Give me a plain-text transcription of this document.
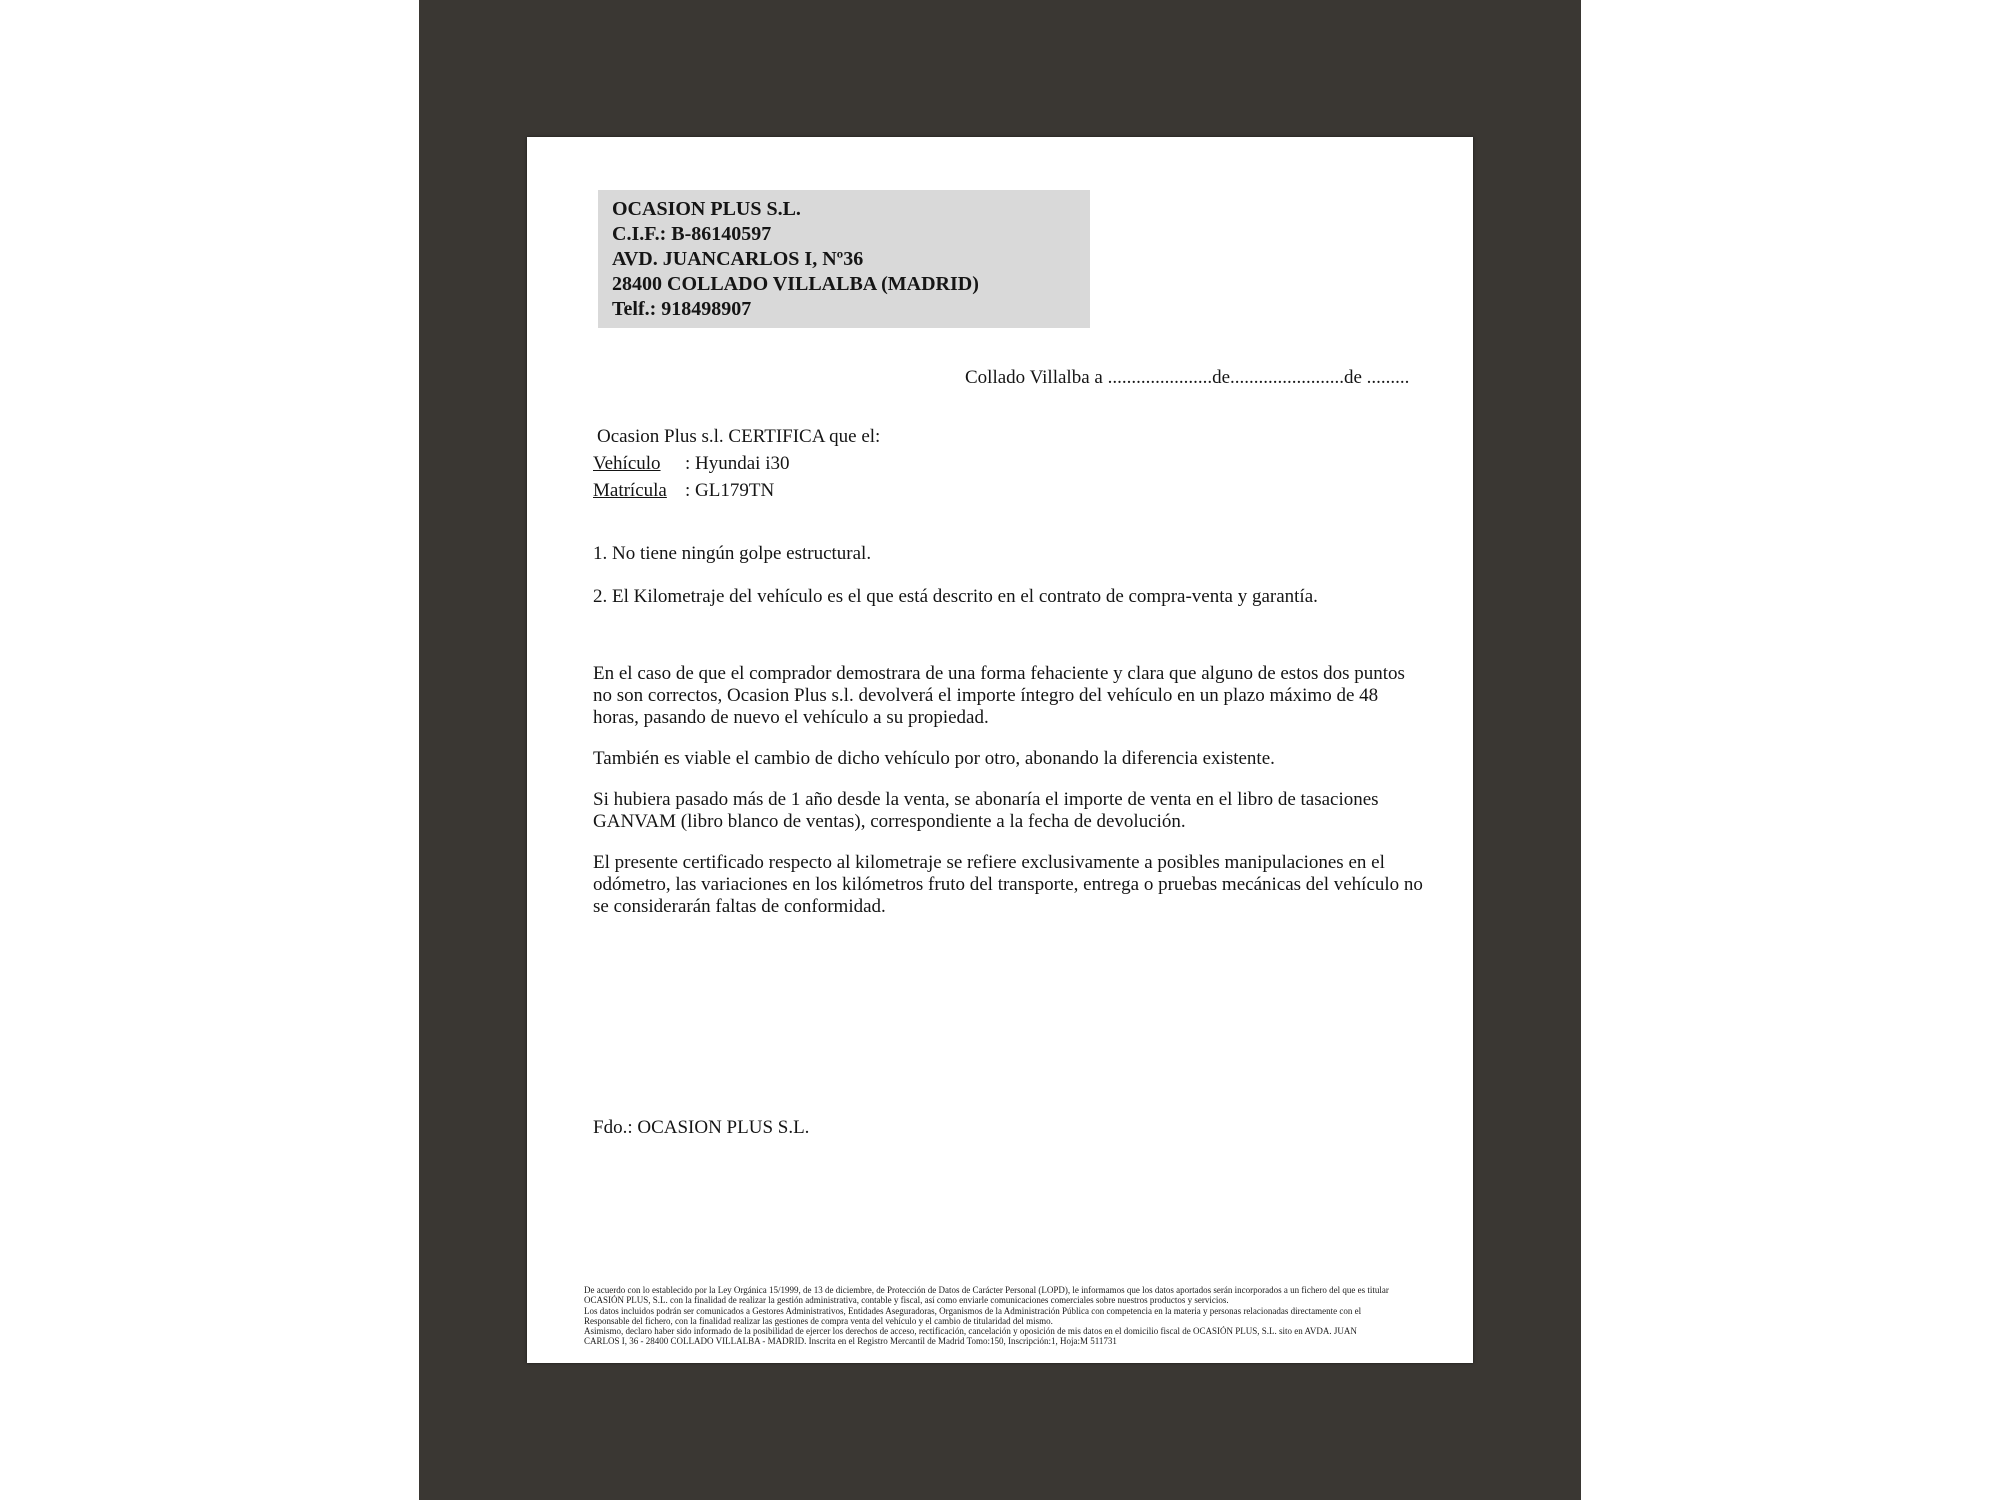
OCASION PLUS S.L.
C.I.F.: B-86140597
AVD. JUANCARLOS I, Nº36
28400 COLLADO VILLALBA (MADRID)
Telf.: 918498907
Collado Villalba a ......................de........................de .........
Ocasion Plus s.l. CERTIFICA que el:
Vehículo : Hyundai i30
Matrícula : GL179TN

1. No tiene ningún golpe estructural.

2. El Kilometraje del vehículo es el que está descrito en el contrato de compra-venta y garantía.

En el caso de que el comprador demostrara de una forma fehaciente y clara que alguno de estos dos puntos no son correctos, Ocasion Plus s.l. devolverá el importe íntegro del vehículo en un plazo máximo de 48 horas, pasando de nuevo el vehículo a su propiedad.

También es viable el cambio de dicho vehículo por otro, abonando la diferencia existente.

Si hubiera pasado más de 1 año desde la venta, se abonaría el importe de venta en el libro de tasaciones GANVAM (libro blanco de ventas), correspondiente a la fecha de devolución.

El presente certificado respecto al kilometraje se refiere exclusivamente a posibles manipulaciones en el odómetro, las variaciones en los kilómetros fruto del transporte, entrega o pruebas mecánicas del vehículo no se considerarán faltas de conformidad.

Fdo.: OCASION PLUS S.L.
De acuerdo con lo establecido por la Ley Orgánica 15/1999, de 13 de diciembre, de Protección de Datos de Carácter Personal (LOPD), le informamos que los datos aportados serán incorporados a un fichero del que es titular
OCASIÓN PLUS, S.L. con la finalidad de realizar la gestión administrativa, contable y fiscal, así como enviarle comunicaciones comerciales sobre nuestros productos y servicios.
Los datos incluidos podrán ser comunicados a Gestores Administrativos, Entidades Aseguradoras, Organismos de la Administración Pública con competencia en la materia y personas relacionadas directamente con el
Responsable del fichero, con la finalidad realizar las gestiones de compra venta del vehículo y el cambio de titularidad del mismo.
Asimismo, declaro haber sido informado de la posibilidad de ejercer los derechos de acceso, rectificación, cancelación y oposición de mis datos en el domicilio fiscal de OCASIÓN PLUS, S.L. sito en AVDA. JUAN
CARLOS I, 36 - 28400 COLLADO VILLALBA - MADRID. Inscrita en el Registro Mercantil de Madrid Tomo:150, Inscripción:1, Hoja:M 511731
